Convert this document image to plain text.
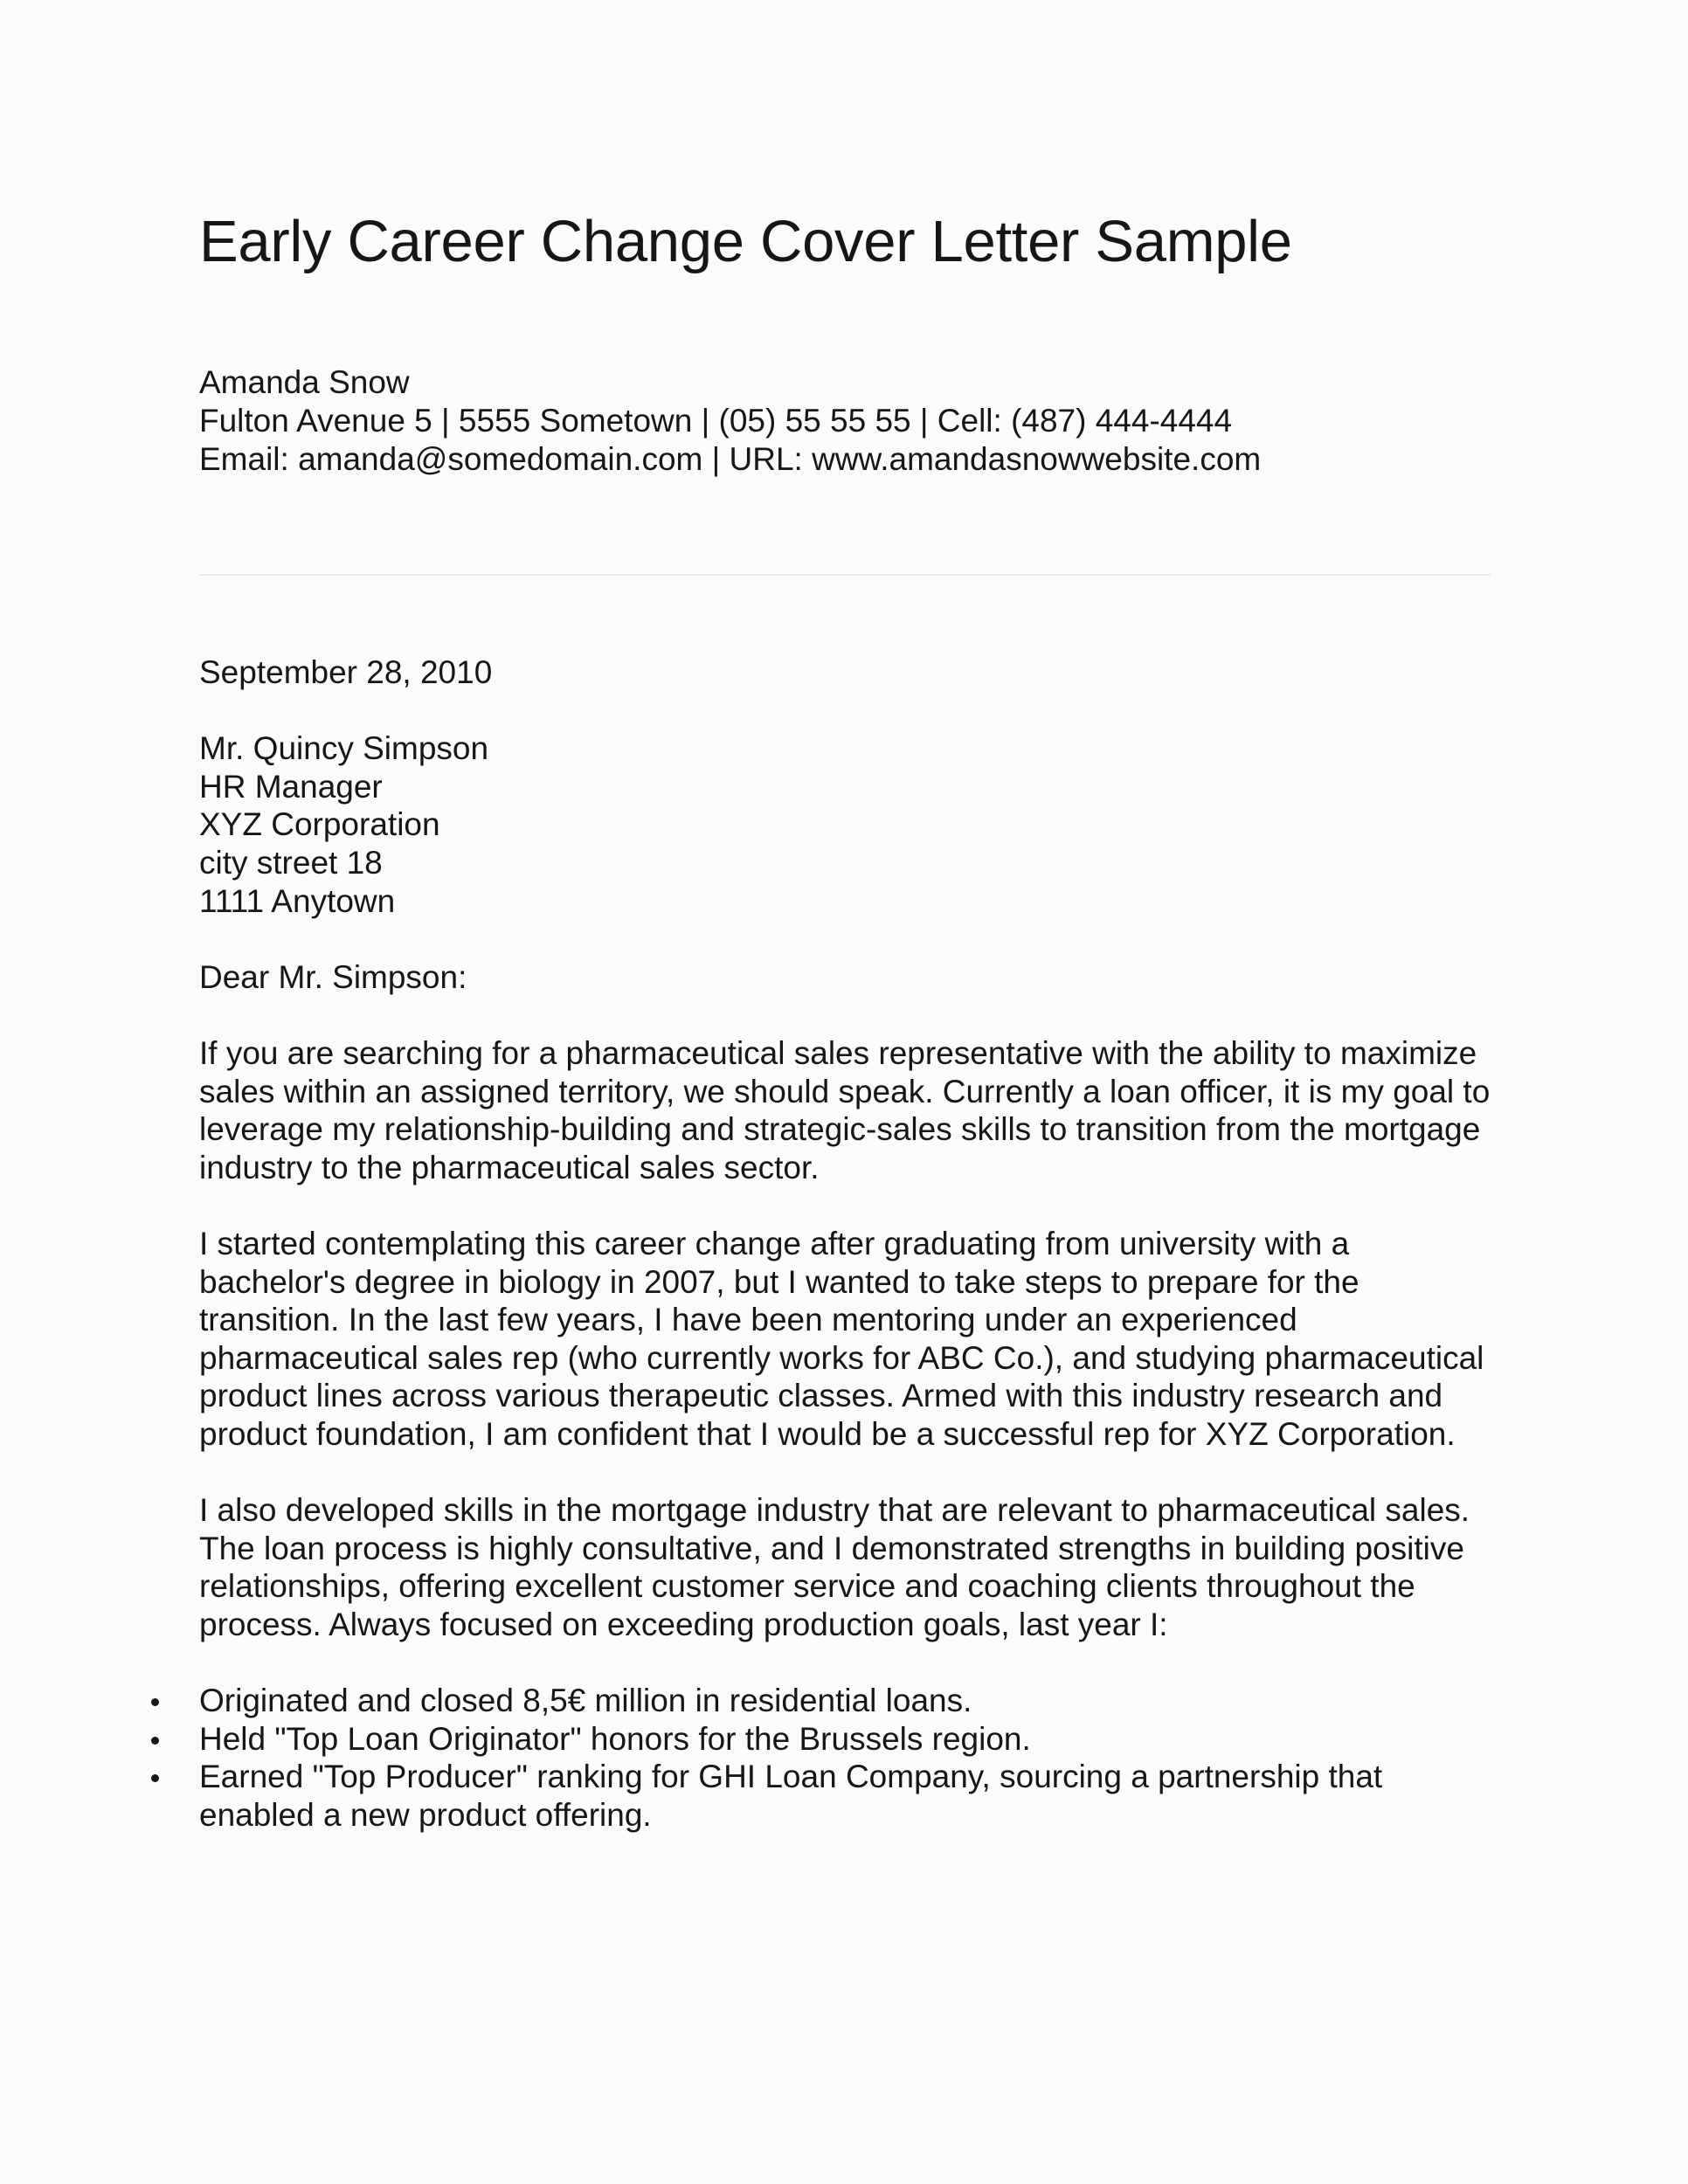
Early Career Change Cover Letter Sample
Amanda Snow
Fulton Avenue 5 | 5555 Sometown | (05) 55 55 55 | Cell: (487) 444-4444
Email: amanda@somedomain.com | URL: www.amandasnowwebsite.com

September 28, 2010

Mr. Quincy Simpson
HR Manager
XYZ Corporation
city street 18
1111 Anytown

Dear Mr. Simpson:

If you are searching for a pharmaceutical sales representative with the ability to maximize sales within an assigned territory, we should speak. Currently a loan officer, it is my goal to leverage my relationship-building and strategic-sales skills to transition from the mortgage industry to the pharmaceutical sales sector.

I started contemplating this career change after graduating from university with a bachelor's degree in biology in 2007, but I wanted to take steps to prepare for the transition. In the last few years, I have been mentoring under an experienced pharmaceutical sales rep (who currently works for ABC Co.), and studying pharmaceutical product lines across various therapeutic classes. Armed with this industry research and product foundation, I am confident that I would be a successful rep for XYZ Corporation.

I also developed skills in the mortgage industry that are relevant to pharmaceutical sales. The loan process is highly consultative, and I demonstrated strengths in building positive relationships, offering excellent customer service and coaching clients throughout the process. Always focused on exceeding production goals, last year I:

Originated and closed 8,5€ million in residential loans.
Held "Top Loan Originator" honors for the Brussels region.
Earned "Top Producer" ranking for GHI Loan Company, sourcing a partnership that enabled a new product offering.
